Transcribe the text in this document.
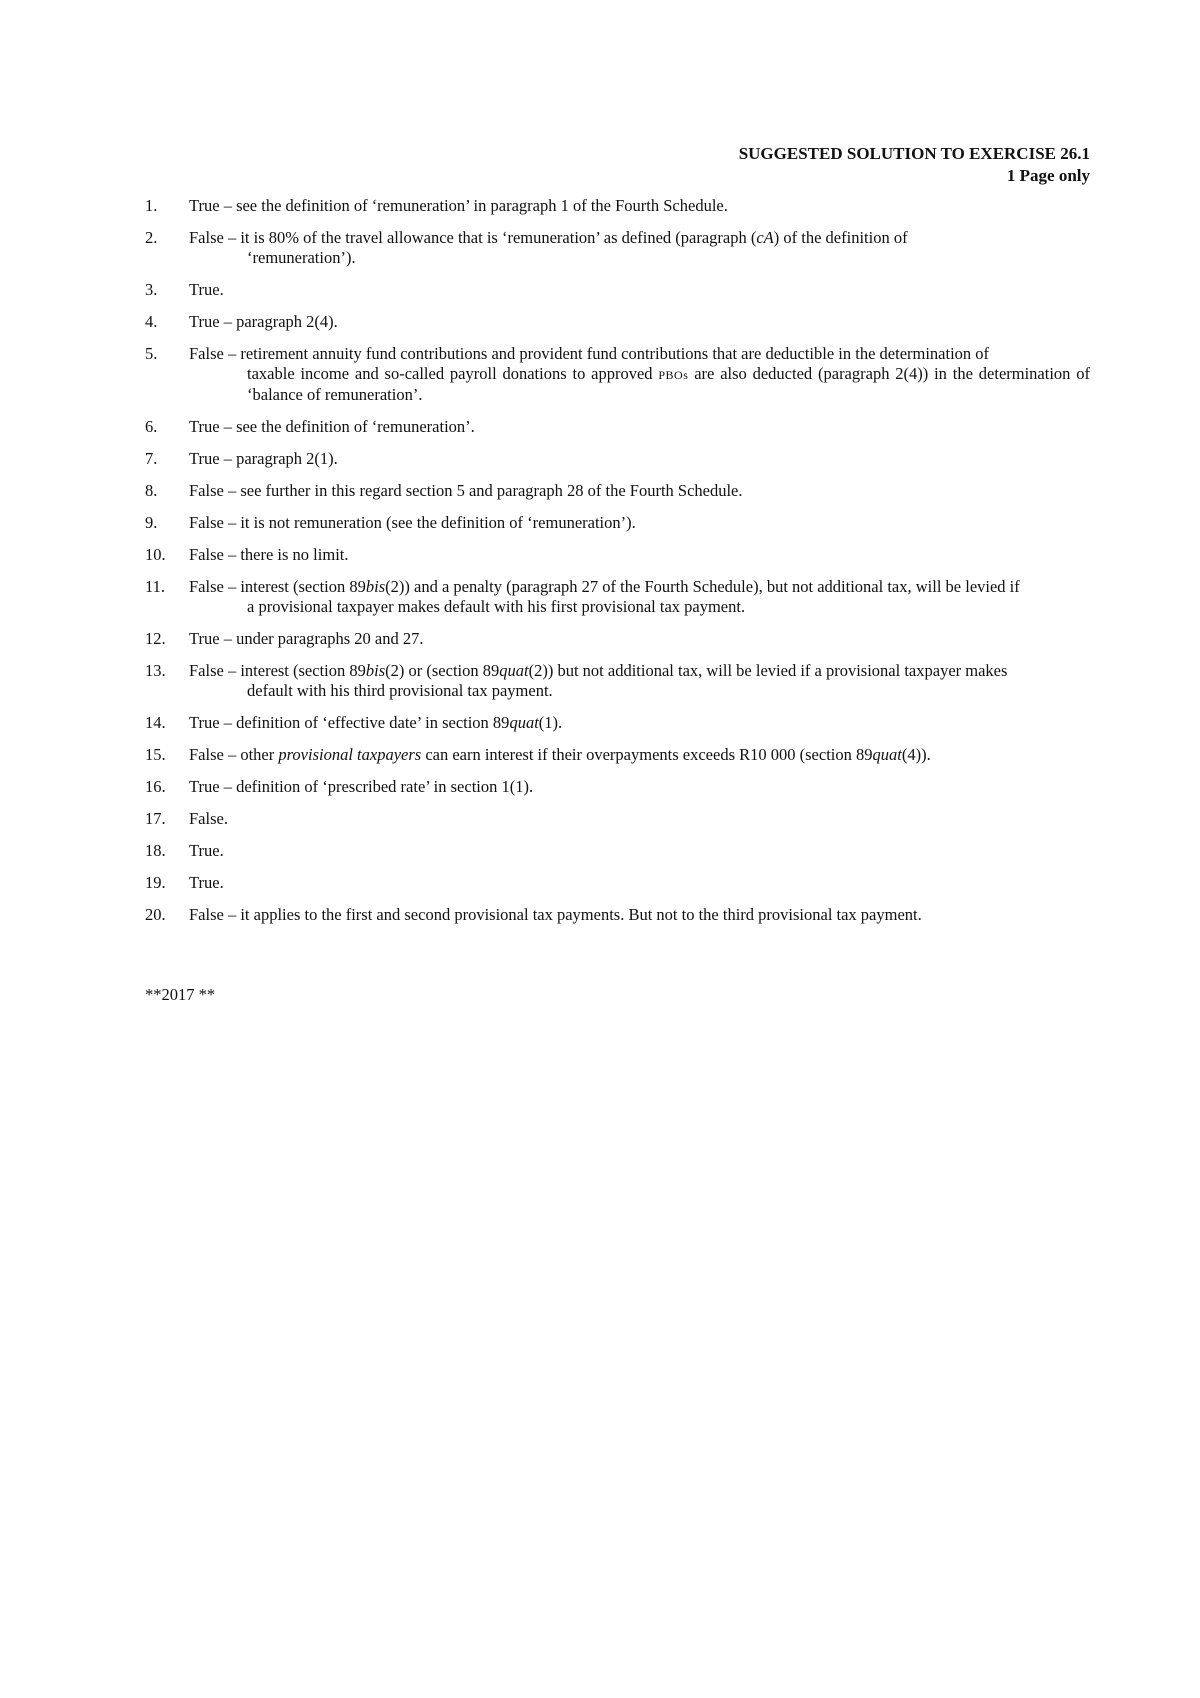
SUGGESTED SOLUTION TO EXERCISE 26.1
1 Page only
1.	True – see the definition of ‘remuneration’ in paragraph 1 of the Fourth Schedule.
2.	False – it is 80% of the travel allowance that is ‘remuneration’ as defined (paragraph (cA) of the definition of
‘remuneration’).
3.	True.
4.	True – paragraph 2(4).
5.	False – retirement annuity fund contributions and provident fund contributions that are deductible in the determination of
taxable income and so-called payroll donations to approved PBOs are also deducted (paragraph 2(4)) in the determination of ‘balance of remuneration’.
6.	True – see the definition of ‘remuneration’.
7.	True – paragraph 2(1).
8.	False – see further in this regard section 5 and paragraph 28 of the Fourth Schedule.
9.	False – it is not remuneration (see the definition of ‘remuneration’).
10.	False – there is no limit.
11.	False – interest (section 89bis(2)) and a penalty (paragraph 27 of the Fourth Schedule), but not additional tax, will be levied if
a provisional taxpayer makes default with his first provisional tax payment.
12.	True – under paragraphs 20 and 27.
13.	False – interest (section 89bis(2) or (section 89quat(2)) but not additional tax, will be levied if a provisional taxpayer makes
default with his third provisional tax payment.
14.	True – definition of ‘effective date’ in section 89quat(1).
15.	False – other provisional taxpayers can earn interest if their overpayments exceeds R10 000 (section 89quat(4)).
16.	True – definition of ‘prescribed rate’ in section 1(1).
17.	False.
18.	True.
19.	True.
20.	False – it applies to the first and second provisional tax payments. But not to the third provisional tax payment.
**2017 **
